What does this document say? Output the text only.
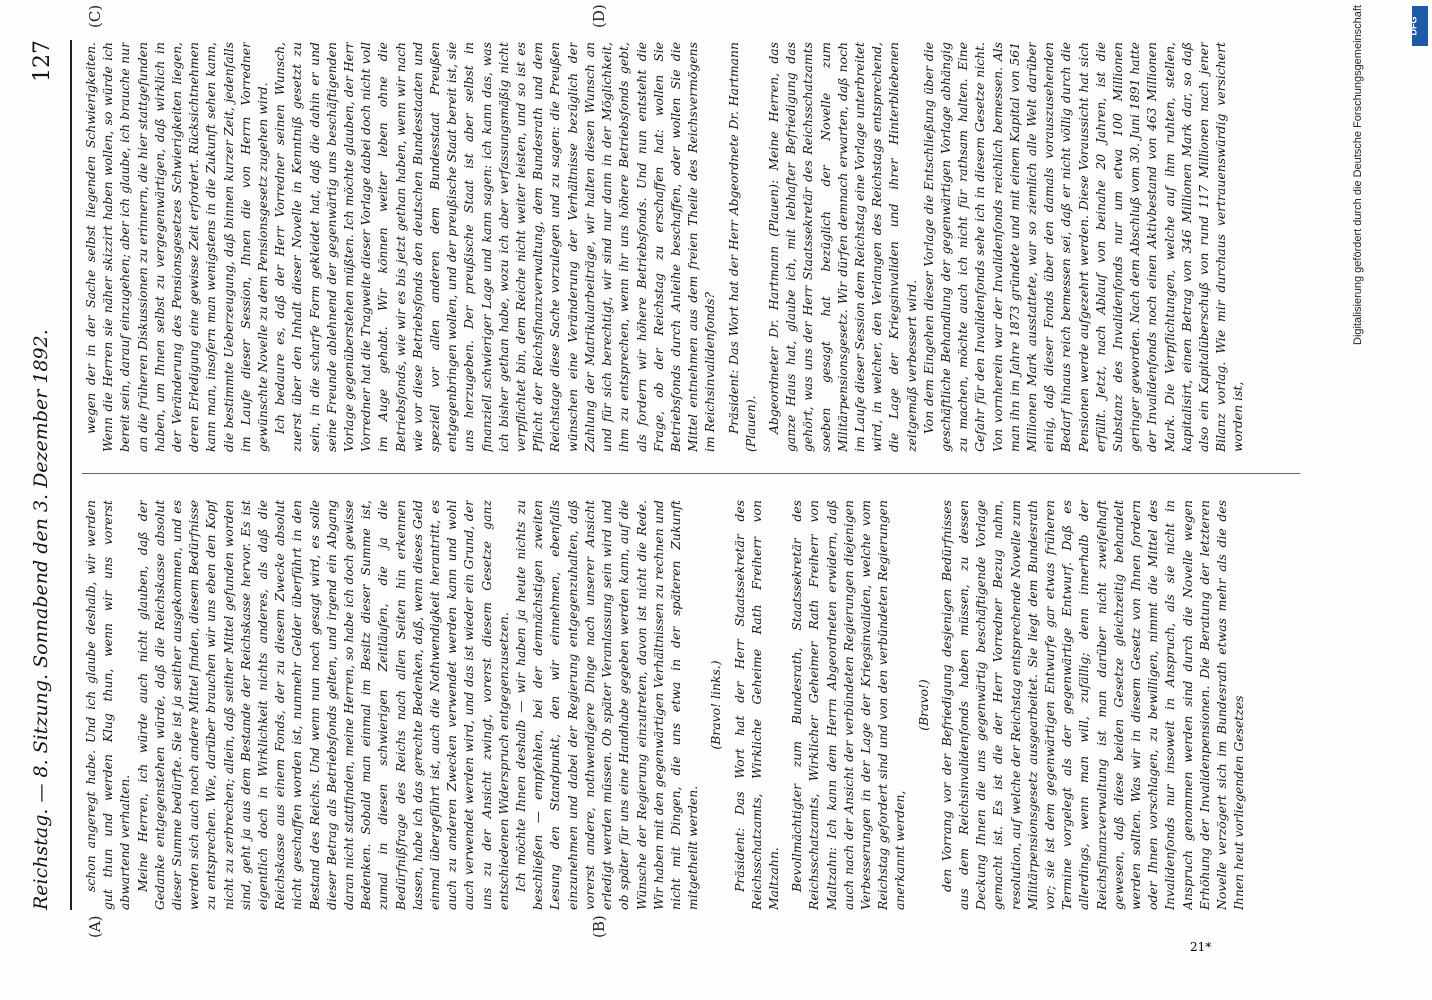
Reichstag. — 8. Sitzung. Sonnabend den 3. Dezember 1892.
127
(A)	(B)
(C)	(D)

schon angeregt habe. Und ich glaube deshalb, wir werden gut thun und werden Klug thun, wenn wir uns vorerst abwartend verhalten. Meine Herren, ich würde auch nicht glauben, daß der Gedanke entgegenstehen würde, daß die Reichskasse absolut dieser Summe bedürfte. Sie ist ja seither ausgekommen, und es werden sich auch noch andere Mittel finden, diesem Bedürfnisse zu entsprechen. Wie, darüber brauchen wir uns eben den Kopf nicht zu zerbrechen; allein, daß seither Mittel gefunden worden sind, geht ja aus dem Bestande der Reichskasse hervor. Es ist eigentlich doch in Wirklichkeit nichts anderes, als daß die Reichskasse aus einem Fonds, der zu diesem Zwecke absolut nicht geschaffen worden ist, nunmehr Gelder überführt in den Bestand des Reichs. Und wenn nun noch gesagt wird, es solle dieser Betrag als Betriebsfonds gelten, und irgend ein Abgang daran nicht stattfinden, meine Herren, so habe ich doch gewisse Bedenken. Sobald man einmal im Besitz dieser Summe ist, zumal in diesen schwierigen Zeitläufen, die ja die Bedürfnißfrage des Reichs nach allen Seiten hin erkennen lassen, habe ich das gerechte Bedenken, daß, wenn dieses Geld einmal übergeführt ist, auch die Nothwendigkeit herantritt, es auch zu anderen Zwecken verwendet werden kann und wohl auch verwendet werden wird, und das ist wieder ein Grund, der uns zu der Ansicht zwingt, vorerst diesem Gesetze ganz entschiedenen Widerspruch entgegenzusetzen. Ich möchte Ihnen deshalb — wir haben ja heute nichts zu beschließen — empfehlen, bei der demnächstigen zweiten Lesung den Standpunkt, den wir einnehmen, ebenfalls einzunehmen und dabei der Regierung entgegenzuhalten, daß vorerst andere, nothwendigere Dinge nach unserer Ansicht erledigt werden müssen. Ob später Veranlassung sein wird und ob später für uns eine Handhabe gegeben werden kann, auf die Wünsche der Regierung einzutreten, davon ist nicht die Rede. Wir haben mit den gegenwärtigen Verhältnissen zu rechnen und nicht mit Dingen, die uns etwa in der späteren Zukunft mitgetheilt werden.

(Bravo! links.) Präsident: Das Wort hat der Herr Staatssekretär des Reichsschatzamts, Wirkliche Geheime Rath Freiherr von Maltzahn. Bevollmächtigter zum Bundesrath, Staatssekretär des Reichsschatzamts, Wirklicher Geheimer Rath Freiherr von Maltzahn: Ich kann dem Herrn Abgeordneten erwidern, daß auch nach der Ansicht der verbündeten Regierungen diejenigen Verbesserungen in der Lage der Kriegsinvaliden, welche vom Reichstag gefordert sind und von den verbündeten Regierungen anerkannt werden,

(Bravo!) den Vorrang vor der Befriedigung desjenigen Bedürfnisses aus dem Reichsinvalidenfonds haben müssen, zu dessen Deckung Ihnen die uns gegenwärtig beschäftigende Vorlage gemacht ist. Es ist die der Herr Vorredner Bezug nahm, resolution, auf welche der Reichstag entsprechende Novelle zum Militärpensionsgesetz ausgearbeitet. Sie liegt dem Bundesrath vor; sie ist dem gegenwärtigen Entwurfe gar etwas früheren Termine vorgelegt als der gegenwärtige Entwurf. Daß es allerdings, wenn man will, zufällig; denn innerhalb der Reichsfinanzverwaltung ist man darüber nicht zweifelhaft gewesen, daß diese beiden Gesetze gleichzeitig behandelt werden sollten. Was wir in diesem Gesetz von Ihnen fordern oder Ihnen vorschlagen, zu bewilligen, nimmt die Mittel des Invalidenfonds nur insoweit in Anspruch, als sie nicht in Anspruch genommen werden sind durch die Novelle wegen Erhöhung der Invalidenpensionen. Die Beratung der letzteren Novelle verzögert sich im Bundesrath etwas mehr als die des Ihnen heut vorliegenden Gesetzes

wegen der in der Sache selbst liegenden Schwierigkeiten. Wenn die Herren sie näher skizzirt haben wollen, so würde ich bereit sein, darauf einzugehen; aber ich glaube, ich brauche nur an die früheren Diskussionen zu erinnern, die hier stattgefunden haben, um Ihnen selbst zu vergegenwärtigen, daß wirklich in der Veränderung des Pensionsgesetzes Schwierigkeiten liegen, deren Erledigung eine gewisse Zeit erfordert. Rücksichtnehmen kann man, insofern man wenigstens in die Zukunft sehen kann, die bestimmte Ueberzeugung, daß binnen kurzer Zeit, jedenfalls im Laufe dieser Session, Ihnen die von Herrn Vorredner gewünschte Novelle zu dem Pensionsgesetz zugehen wird. Ich bedaure es, daß der Herr Vorredner seinen Wunsch, zuerst über den Inhalt dieser Novelle in Kenntniß gesetzt zu sein, in die scharfe Form gekleidet hat, daß die dahin er und seine Freunde ablehnend der gegenwärtig uns beschäftigenden Vorlage gegenüberstehen müßten. Ich möchte glauben, der Herr Vorredner hat die Tragweite dieser Vorlage dabei doch nicht voll im Auge gehabt. Wir können weiter leben ohne die Betriebsfonds, wie wir es bis jetzt gethan haben, wenn wir nach wie vor diese Betriebsfonds den deutschen Bundesstaaten und speziell vor allen anderen dem Bundesstaat Preußen entgegenbringen wollen, und der preußische Staat bereit ist, sie uns herzugeben. Der preußische Staat ist aber selbst in finanziell schwieriger Lage und kann sagen: ich kann das, was ich bisher gethan habe, wozu ich aber verfassungsmäßig nicht verpflichtet bin, dem Reiche nicht weiter leisten, und so ist es Pflicht der Reichsfinanzverwaltung, dem Bundesrath und dem Reichstage diese Sache vorzulegen und zu sagen: die Preußen wünschen eine Veränderung der Verhältnisse bezüglich der Zahlung der Matrikularbeiträge, wir halten diesen Wunsch an und für sich berechtigt, wir sind nur dann in der Möglichkeit, ihm zu entsprechen, wenn ihr uns höhere Betriebsfonds gebt, als fordern wir höhere Betriebsfonds. Und nun entsteht die Frage, ob der Reichstag zu erschaffen hat: wollen Sie Betriebsfonds durch Anleihe beschaffen, oder wollen Sie die Mittel entnehmen aus dem freien Theile des Reichsvermögens im Reichsinvalidenfonds? Präsident: Das Wort hat der Herr Abgeordnete Dr. Hartmann (Plauen). Abgeordneter Dr. Hartmann (Plauen): Meine Herren, das ganze Haus hat, glaube ich, mit lebhafter Befriedigung das gehört, was uns der Herr Staatssekretär des Reichsschatzamts soeben gesagt hat bezüglich der Novelle zum Militärpensionsgesetz. Wir dürfen demnach erwarten, daß noch im Laufe dieser Session dem Reichstag eine Vorlage unterbreitet wird, in welcher, den Verlangen des Reichstags entsprechend, die Lage der Kriegsinvaliden und ihrer Hinterbliebenen zeitgemäß verbessert wird. Von dem Eingehen dieser Vorlage die Entschließung über die geschäftliche Behandlung der gegenwärtigen Vorlage abhängig zu machen, möchte auch ich nicht für rathsam halten. Eine Gefahr für den Invalidenfonds sehe ich in diesem Gesetze nicht. Von vornherein war der Invalidenfonds reichlich bemessen. Als man ihn im Jahre 1873 gründete und mit einem Kapital von 561 Millionen Mark ausstattete, war so ziemlich alle Welt darüber einig, daß dieser Fonds über den damals vorauszusehenden Bedarf hinaus reich bemessen sei, daß er nicht völlig durch die Pensionen werde aufgezehrt werden. Diese Voraussicht hat sich erfüllt. Jetzt, nach Ablauf von beinahe 20 Jahren, ist die Substanz des Invalidenfonds nur um etwa 100 Millionen geringer geworden. Nach dem Abschluß vom 30. Juni 1891 hatte der Invalidenfonds noch einen Aktivbestand von 463 Millionen Mark. Die Verpflichtungen, welche auf ihm ruhten, stellen, kapitalisirt, einen Betrag von 346 Millionen Mark dar, so daß also ein Kapitalüberschuß von rund 117 Millionen nach jener Bilanz vorlag. Wie mir durchaus vertrauenswürdig versichert worden ist,

21*
Digitalisierung gefördert durch die Deutsche Forschungsgemeinschaft	DFG
